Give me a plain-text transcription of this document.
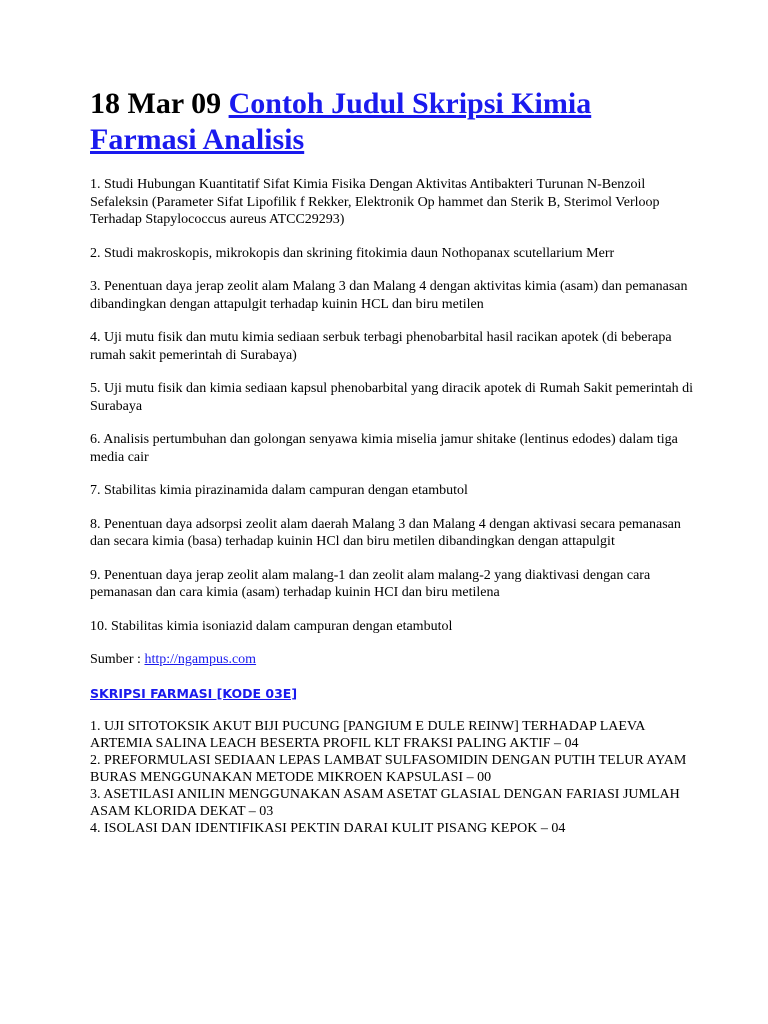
18 Mar 09 Contoh Judul Skripsi Kimia Farmasi Analisis

1. Studi Hubungan Kuantitatif Sifat Kimia Fisika Dengan Aktivitas Antibakteri Turunan N-Benzoil Sefaleksin (Parameter Sifat Lipofilik f Rekker, Elektronik Op hammet dan Sterik B, Sterimol Verloop Terhadap Stapylococcus aureus ATCC29293)

2. Studi makroskopis, mikrokopis dan skrining fitokimia daun Nothopanax scutellarium Merr

3. Penentuan daya jerap zeolit alam Malang 3 dan Malang 4 dengan aktivitas kimia (asam) dan pemanasan dibandingkan dengan attapulgit terhadap kuinin HCL dan biru metilen

4. Uji mutu fisik dan mutu kimia sediaan serbuk terbagi phenobarbital hasil racikan apotek (di beberapa rumah sakit pemerintah di Surabaya)

5. Uji mutu fisik dan kimia sediaan kapsul phenobarbital yang diracik apotek di Rumah Sakit pemerintah di Surabaya

6. Analisis pertumbuhan dan golongan senyawa kimia miselia jamur shitake (lentinus edodes) dalam tiga media cair

7. Stabilitas kimia pirazinamida dalam campuran dengan etambutol

8. Penentuan daya adsorpsi zeolit alam daerah Malang 3 dan Malang 4 dengan aktivasi secara pemanasan dan secara kimia (basa) terhadap kuinin HCl dan biru metilen dibandingkan dengan attapulgit

9. Penentuan daya jerap zeolit alam malang-1 dan zeolit alam malang-2 yang diaktivasi dengan cara pemanasan dan cara kimia (asam) terhadap kuinin HCI dan biru metilena

10. Stabilitas kimia isoniazid dalam campuran dengan etambutol

Sumber : http://ngampus.com

SKRIPSI FARMASI [KODE 03E]
1. UJI SITOTOKSIK AKUT BIJI PUCUNG [PANGIUM E DULE REINW] TERHADAP LAEVA ARTEMIA SALINA LEACH BESERTA PROFIL KLT FRAKSI PALING AKTIF – 04
2. PREFORMULASI SEDIAAN LEPAS LAMBAT SULFASOMIDIN DENGAN PUTIH TELUR AYAM BURAS MENGGUNAKAN METODE MIKROEN KAPSULASI – 00
3. ASETILASI ANILIN MENGGUNAKAN ASAM ASETAT GLASIAL DENGAN FARIASI JUMLAH ASAM KLORIDA DEKAT – 03
4. ISOLASI DAN IDENTIFIKASI PEKTIN DARAI KULIT PISANG KEPOK – 04
